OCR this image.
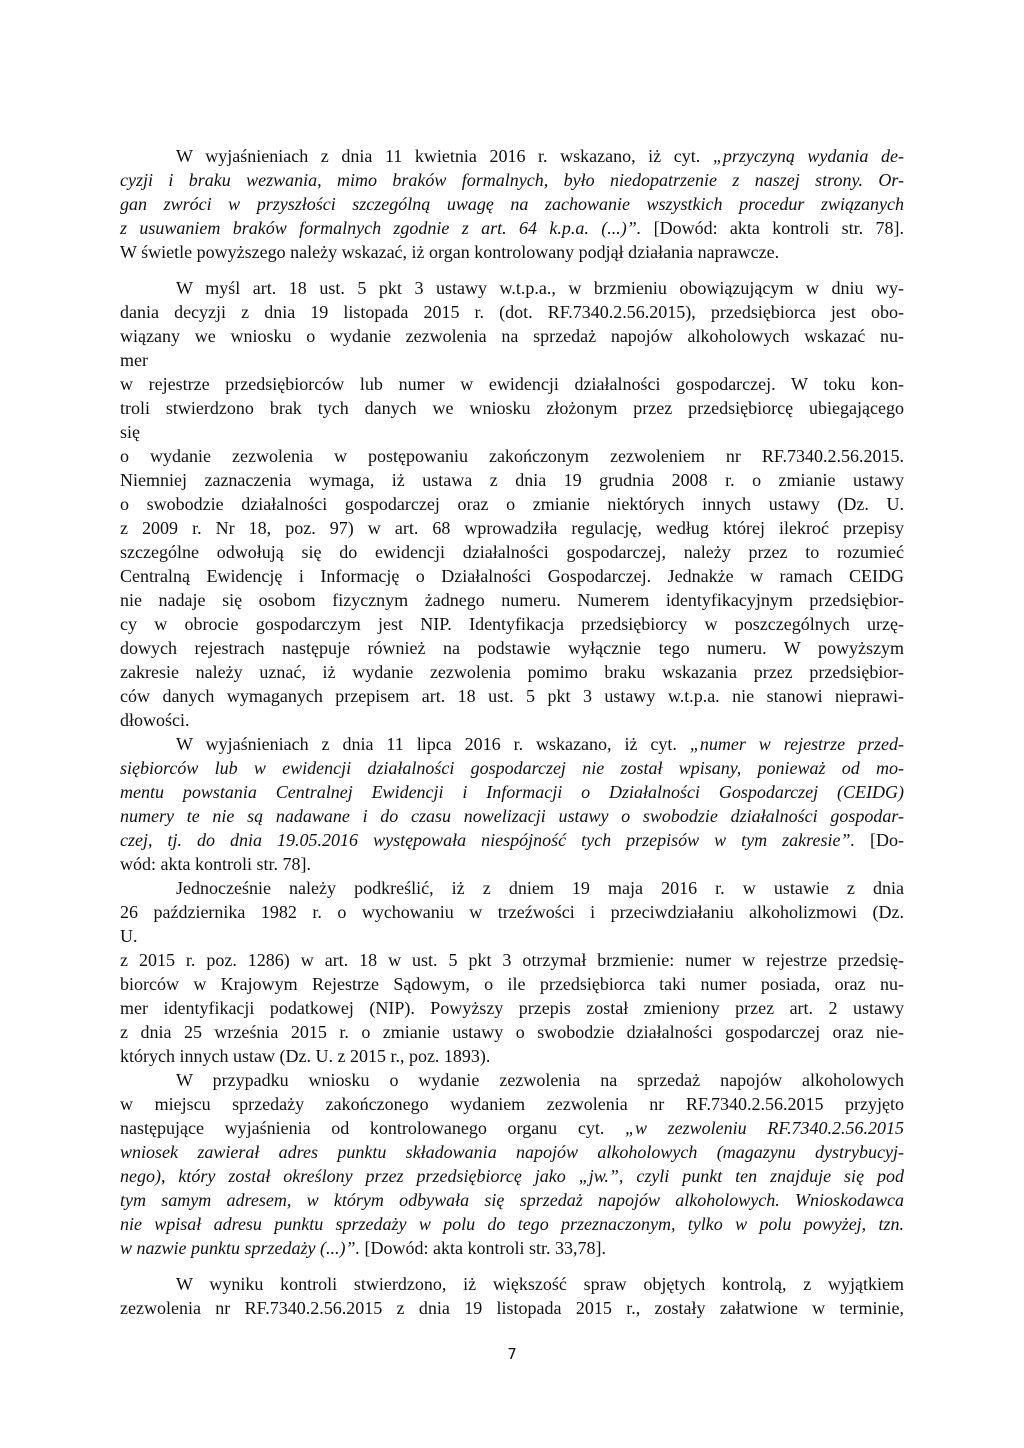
W wyjaśnieniach z dnia 11 kwietnia 2016 r. wskazano, iż cyt. „przyczyną wydania de-
cyzji i braku wezwania, mimo braków formalnych, było niedopatrzenie z naszej strony. Or-
gan zwróci w przyszłości szczególną uwagę na zachowanie wszystkich procedur związanych
z usuwaniem braków formalnych zgodnie z art. 64 k.p.a. (...)”. [Dowód: akta kontroli str. 78].
W świetle powyższego należy wskazać, iż organ kontrolowany podjął działania naprawcze.
W myśl art. 18 ust. 5 pkt 3 ustawy w.t.p.a., w brzmieniu obowiązującym w dniu wy-
dania decyzji z dnia 19 listopada 2015 r. (dot. RF.7340.2.56.2015), przedsiębiorca jest obo-
wiązany we wniosku o wydanie zezwolenia na sprzedaż napojów alkoholowych wskazać nu-
mer
w rejestrze przedsiębiorców lub numer w ewidencji działalności gospodarczej. W toku kon-
troli stwierdzono brak tych danych we wniosku złożonym przez przedsiębiorcę ubiegającego
się
o wydanie zezwolenia w postępowaniu zakończonym zezwoleniem nr RF.7340.2.56.2015.
Niemniej zaznaczenia wymaga, iż ustawa z dnia 19 grudnia 2008 r. o zmianie ustawy
o swobodzie działalności gospodarczej oraz o zmianie niektórych innych ustawy (Dz. U.
z 2009 r. Nr 18, poz. 97) w art. 68 wprowadziła regulację, według której ilekroć przepisy
szczególne odwołują się do ewidencji działalności gospodarczej, należy przez to rozumieć
Centralną Ewidencję i Informację o Działalności Gospodarczej. Jednakże w ramach CEIDG
nie nadaje się osobom fizycznym żadnego numeru. Numerem identyfikacyjnym przedsiębior-
cy w obrocie gospodarczym jest NIP. Identyfikacja przedsiębiorcy w poszczególnych urzę-
dowych rejestrach następuje również na podstawie wyłącznie tego numeru. W powyższym
zakresie należy uznać, iż wydanie zezwolenia pomimo braku wskazania przez przedsiębior-
ców danych wymaganych przepisem art. 18 ust. 5 pkt 3 ustawy w.t.p.a. nie stanowi nieprawi-
dłowości.
W wyjaśnieniach z dnia 11 lipca 2016 r. wskazano, iż cyt. „numer w rejestrze przed-
siębiorców lub w ewidencji działalności gospodarczej nie został wpisany, ponieważ od mo-
mentu powstania Centralnej Ewidencji i Informacji o Działalności Gospodarczej (CEIDG)
numery te nie są nadawane i do czasu nowelizacji ustawy o swobodzie działalności gospodar-
czej, tj. do dnia 19.05.2016 występowała niespójność tych przepisów w tym zakresie”. [Do-
wód: akta kontroli str. 78].
Jednocześnie należy podkreślić, iż z dniem 19 maja 2016 r. w ustawie z dnia
26 października 1982 r. o wychowaniu w trzeźwości i przeciwdziałaniu alkoholizmowi (Dz.
U.
z 2015 r. poz. 1286) w art. 18 w ust. 5 pkt 3 otrzymał brzmienie: numer w rejestrze przedsię-
biorców w Krajowym Rejestrze Sądowym, o ile przedsiębiorca taki numer posiada, oraz nu-
mer identyfikacji podatkowej (NIP). Powyższy przepis został zmieniony przez art. 2 ustawy
z dnia 25 września 2015 r. o zmianie ustawy o swobodzie działalności gospodarczej oraz nie-
których innych ustaw (Dz. U. z 2015 r., poz. 1893).
W przypadku wniosku o wydanie zezwolenia na sprzedaż napojów alkoholowych
w miejscu sprzedaży zakończonego wydaniem zezwolenia nr RF.7340.2.56.2015 przyjęto
następujące wyjaśnienia od kontrolowanego organu cyt. „w zezwoleniu RF.7340.2.56.2015
wniosek zawierał adres punktu składowania napojów alkoholowych (magazynu dystrybucyj-
nego), który został określony przez przedsiębiorcę jako „jw.”, czyli punkt ten znajduje się pod
tym samym adresem, w którym odbywała się sprzedaż napojów alkoholowych. Wnioskodawca
nie wpisał adresu punktu sprzedaży w polu do tego przeznaczonym, tylko w polu powyżej, tzn.
w nazwie punktu sprzedaży (...)”. [Dowód: akta kontroli str. 33,78].
W wyniku kontroli stwierdzono, iż większość spraw objętych kontrolą, z wyjątkiem
zezwolenia nr RF.7340.2.56.2015 z dnia 19 listopada 2015 r., zostały załatwione w terminie,
7
